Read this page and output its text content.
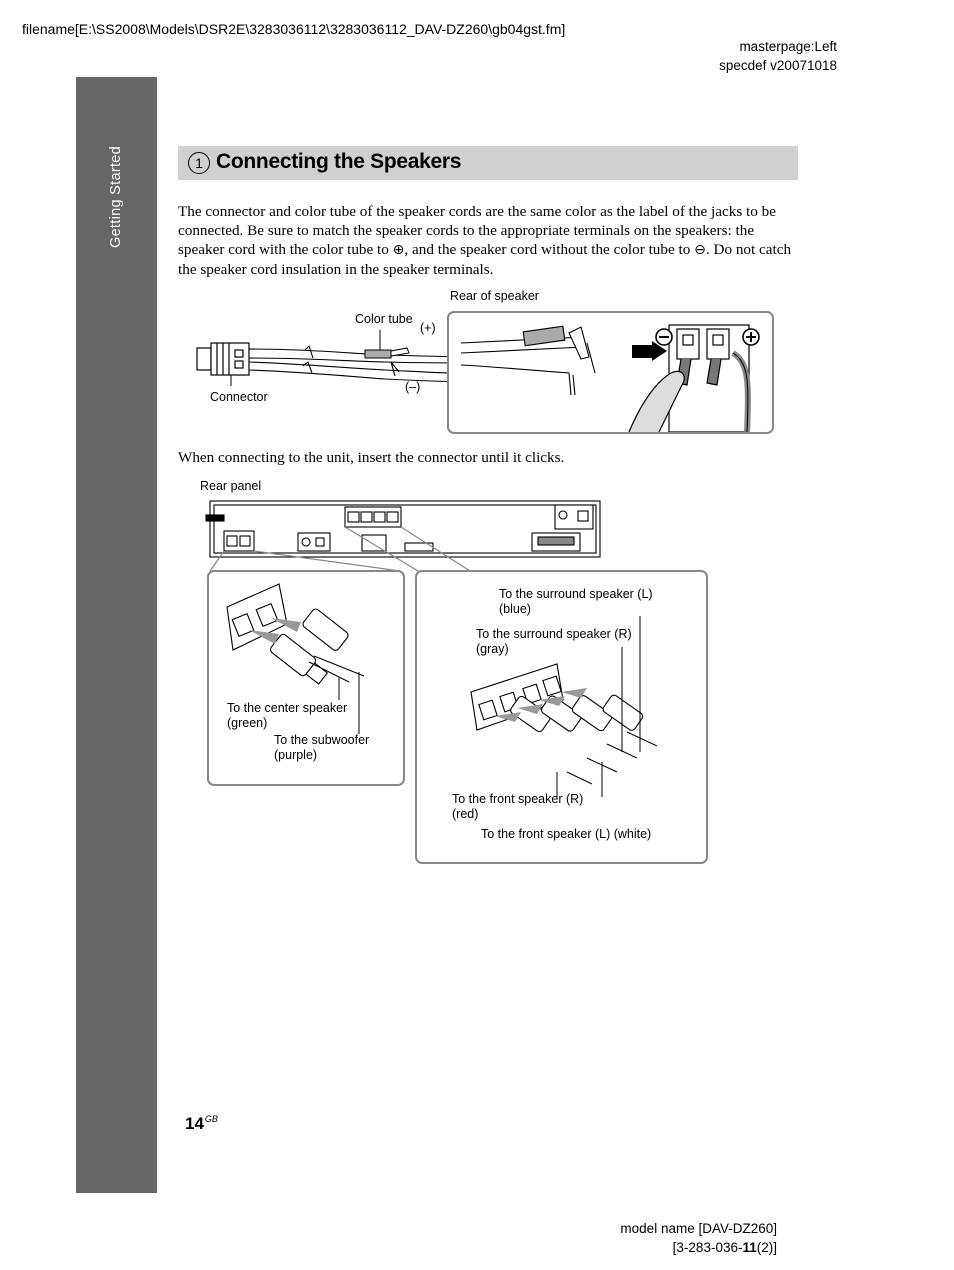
filename[E:\SS2008\Models\DSR2E\3283036112\3283036112_DAV-DZ260\gb04gst.fm]
masterpage:Left
specdef v20071018
Getting Started	1 Connecting the Speakers
The connector and color tube of the speaker cords are the same color as the label of the jacks to be connected. Be sure to match the speaker cords to the appropriate terminals on the speakers: the speaker cord with the color tube to ⊕, and the speaker cord without the color tube to ⊖. Do not catch the speaker cord insulation in the speaker terminals.
Rear of speaker
Color tube
(+)
(–)
Connector
When connecting to the unit, insert the connector until it clicks.
Rear panel
To the center speaker
(green)
To the subwoofer
(purple)
To the surround speaker (L)
(blue)
To the surround speaker (R)
(gray)
To the front speaker (R)
(red)
To the front speaker (L) (white)
$14^{GB}$
model name [DAV-DZ260]
[3-283-036-11(2)]
